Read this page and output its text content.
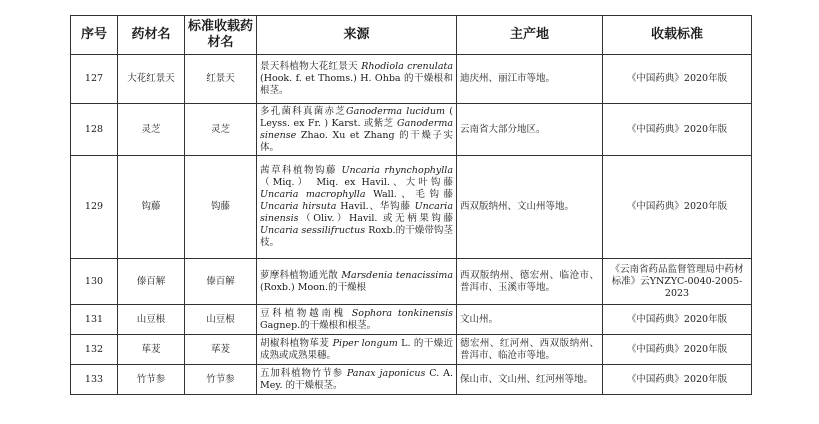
序号	药材名	标准收载药材名	来源	主产地	收载标准
127	大花红景天	红景天	景天科植物大花红景天 Rhodiola crenulata (Hook. f. et Thoms.) H. Ohba 的干燥根和根茎。	迪庆州、丽江市等地。	《中国药典》2020年版
128	灵芝	灵芝	多孔菌科真菌赤芝Ganoderma lucidum ( Leyss. ex Fr. ) Karst. 或紫芝 Ganoderma sinense Zhao. Xu et Zhang 的干燥子实体。	云南省大部分地区。	《中国药典》2020年版
129	钩藤	钩藤	茜草科植物钩藤 Uncaria rhynchophylla（Miq.） Miq. ex Havil.、大叶钩藤 Uncaria macrophylla Wall.、毛钩藤Uncaria hirsuta Havil.、华钩藤 Uncaria sinensis（Oliv.）Havil. 或无柄果钩藤 Uncaria sessilifructus Roxb.的干燥带钩茎枝。	西双版纳州、文山州等地。	《中国药典》2020年版
130	傣百解	傣百解	萝摩科植物通光散 Marsdenia tenacissima (Roxb.) Moon.的干燥根	西双版纳州、德宏州、临沧市、普洱市、玉溪市等地。	《云南省药品监督管理局中药材标准》云YNZYC-0040-2005-2023
131	山豆根	山豆根	豆科植物越南槐 Sophora tonkinensis Gagnep.的干燥根和根茎。	文山州。	《中国药典》2020年版
132	荜茇	荜茇	胡椒科植物荜茇 Piper longum L. 的干燥近成熟或成熟果穗。	德宏州、红河州、西双版纳州、普洱市、临沧市等地。	《中国药典》2020年版
133	竹节参	竹节参	五加科植物竹节参 Panax japonicus C. A. Mey. 的干燥根茎。	保山市、文山州、红河州等地。	《中国药典》2020年版
